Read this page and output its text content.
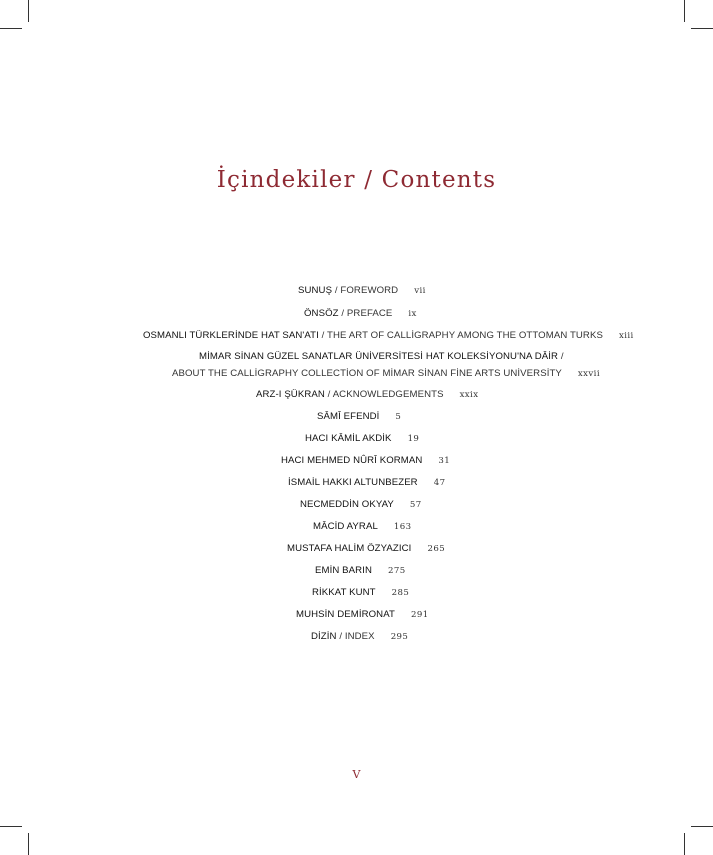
İçindekiler / Contents
SUNUŞ / FOREWORD vii
ÖNSÖZ / PREFACE ix
OSMANLI TÜRKLERİNDE HAT SAN'ATI / THE ART OF CALLİGRAPHY AMONG THE OTTOMAN TURKS xiii
MİMAR SİNAN GÜZEL SANATLAR ÜNİVERSİTESİ HAT KOLEKSİYONU'NA DÂİR /
ABOUT THE CALLİGRAPHY COLLECTİON OF MİMAR SİNAN FİNE ARTS UNİVERSİTY xxvii
ARZ-I ŞÜKRAN / ACKNOWLEDGEMENTS xxix
SÂMÎ EFENDİ 5
HACI KÂMİL AKDİK 19
HACI MEHMED NÛRÎ KORMAN 31
İSMAİL HAKKI ALTUNBEZER 47
NECMEDDİN OKYAY 57
MÂCİD AYRAL 163
MUSTAFA HALİM ÖZYAZICI 265
EMİN BARIN 275
RİKKAT KUNT 285
MUHSİN DEMİRONAT 291
DİZİN / INDEX 295
V
